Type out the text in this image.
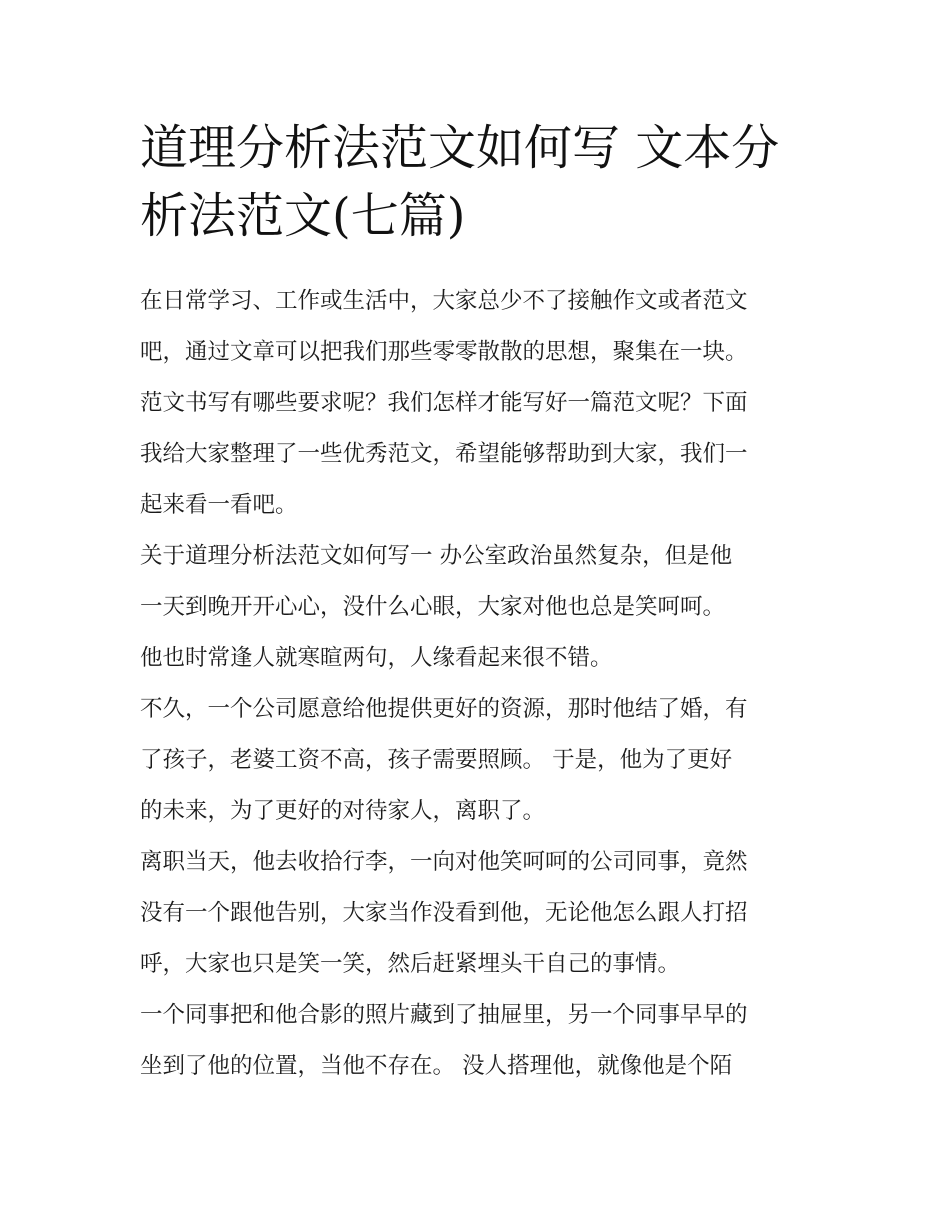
道理分析法范文如何写 文本分
析法范文(七篇)
在日常学习、工作或生活中，大家总少不了接触作文或者范文
吧，通过文章可以把我们那些零零散散的思想，聚集在一块。
范文书写有哪些要求呢？我们怎样才能写好一篇范文呢？下面
我给大家整理了一些优秀范文，希望能够帮助到大家，我们一
起来看一看吧。
关于道理分析法范文如何写一 办公室政治虽然复杂，但是他
一天到晚开开心心，没什么心眼，大家对他也总是笑呵呵。
他也时常逢人就寒暄两句，人缘看起来很不错。
不久，一个公司愿意给他提供更好的资源，那时他结了婚，有
了孩子，老婆工资不高，孩子需要照顾。 于是，他为了更好
的未来，为了更好的对待家人，离职了。
离职当天，他去收拾行李，一向对他笑呵呵的公司同事，竟然
没有一个跟他告别，大家当作没看到他，无论他怎么跟人打招
呼，大家也只是笑一笑，然后赶紧埋头干自己的事情。
一个同事把和他合影的照片藏到了抽屉里，另一个同事早早的
坐到了他的位置，当他不存在。 没人搭理他，就像他是个陌
